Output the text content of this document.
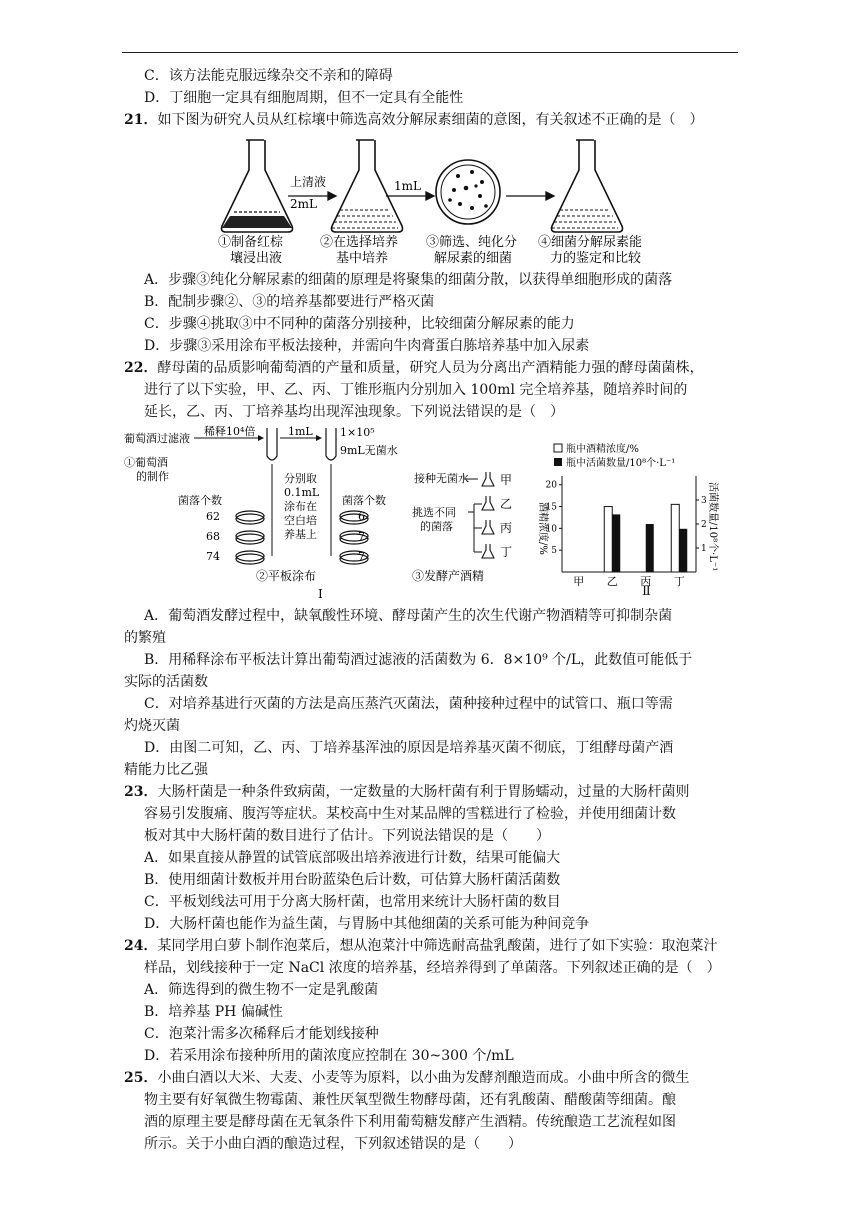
C．该方法能克服远缘杂交不亲和的障碍
D．丁细胞一定具有细胞周期，但不一定具有全能性
21．如下图为研究人员从红棕壤中筛选高效分解尿素细菌的意图，有关叙述不正确的是（　）
上清液
2mL
1mL
①制备红棕
壤浸出液
②在选择培养
基中培养
③筛选、纯化分
解尿素的细菌
④细菌分解尿素能
力的鉴定和比较
A．步骤③纯化分解尿素的细菌的原理是将聚集的细菌分散，以获得单细胞形成的菌落
B．配制步骤②、③的培养基都要进行严格灭菌
C．步骤④挑取③中不同种的菌落分别接种，比较细菌分解尿素的能力
D．步骤③采用涂布平板法接种，并需向牛肉膏蛋白胨培养基中加入尿素
22．酵母菌的品质影响葡萄酒的产量和质量，研究人员为分离出产酒精能力强的酵母菌菌株，
进行了以下实验，甲、乙、丙、丁锥形瓶内分别加入 100ml 完全培养基，随培养时间的
延长，乙、丙、丁培养基均出现浑浊现象。下列说法错误的是（　）
葡萄酒过滤液
稀释10⁴倍	1mL 1×10⁵
9mL无菌水
①葡萄酒
的制作	分别取
0.1mL
涂布在
空白培
养基上
菌落个数	菌落个数
62
68
74
6
7
7
②平板涂布
Ⅰ
接种无菌水
挑选不同
的菌落
甲
乙
丙
丁
③发酵产酒精
瓶中酒精浓度/%
瓶中活菌数量/10⁸个·L⁻¹
酒精浓度/%	活菌数量/10⁸个·L⁻¹
5
10
15
20
1
2
3
甲 乙 丙 丁
Ⅱ
A．葡萄酒发酵过程中，缺氧酸性环境、酵母菌产生的次生代谢产物酒精等可抑制杂菌
的繁殖
B．用稀释涂布平板法计算出葡萄酒过滤液的活菌数为 6．8×10⁹ 个/L，此数值可能低于
实际的活菌数
C．对培养基进行灭菌的方法是高压蒸汽灭菌法，菌种接种过程中的试管口、瓶口等需
灼烧灭菌
D．由图二可知，乙、丙、丁培养基浑浊的原因是培养基灭菌不彻底，丁组酵母菌产酒
精能力比乙强
23．大肠杆菌是一种条件致病菌，一定数量的大肠杆菌有利于胃肠蠕动，过量的大肠杆菌则
容易引发腹痛、腹泻等症状。某校高中生对某品牌的雪糕进行了检验，并使用细菌计数
板对其中大肠杆菌的数目进行了估计。下列说法错误的是（　　）
A．如果直接从静置的试管底部吸出培养液进行计数，结果可能偏大
B．使用细菌计数板并用台盼蓝染色后计数，可估算大肠杆菌活菌数
C．平板划线法可用于分离大肠杆菌，也常用来统计大肠杆菌的数目
D．大肠杆菌也能作为益生菌，与胃肠中其他细菌的关系可能为种间竞争
24．某同学用白萝卜制作泡菜后，想从泡菜汁中筛选耐高盐乳酸菌，进行了如下实验：取泡菜汁
样品，划线接种于一定 NaCl 浓度的培养基，经培养得到了单菌落。下列叙述正确的是（　）
A．筛选得到的微生物不一定是乳酸菌
B．培养基 PH 偏碱性
C．泡菜汁需多次稀释后才能划线接种
D．若采用涂布接种所用的菌浓度应控制在 30~300 个/mL
25．小曲白酒以大米、大麦、小麦等为原料，以小曲为发酵剂酿造而成。小曲中所含的微生
物主要有好氧微生物霉菌、兼性厌氧型微生物酵母菌，还有乳酸菌、醋酸菌等细菌。酿
酒的原理主要是酵母菌在无氧条件下利用葡萄糖发酵产生酒精。传统酿造工艺流程如图
所示。关于小曲白酒的酿造过程，下列叙述错误的是（　　）
